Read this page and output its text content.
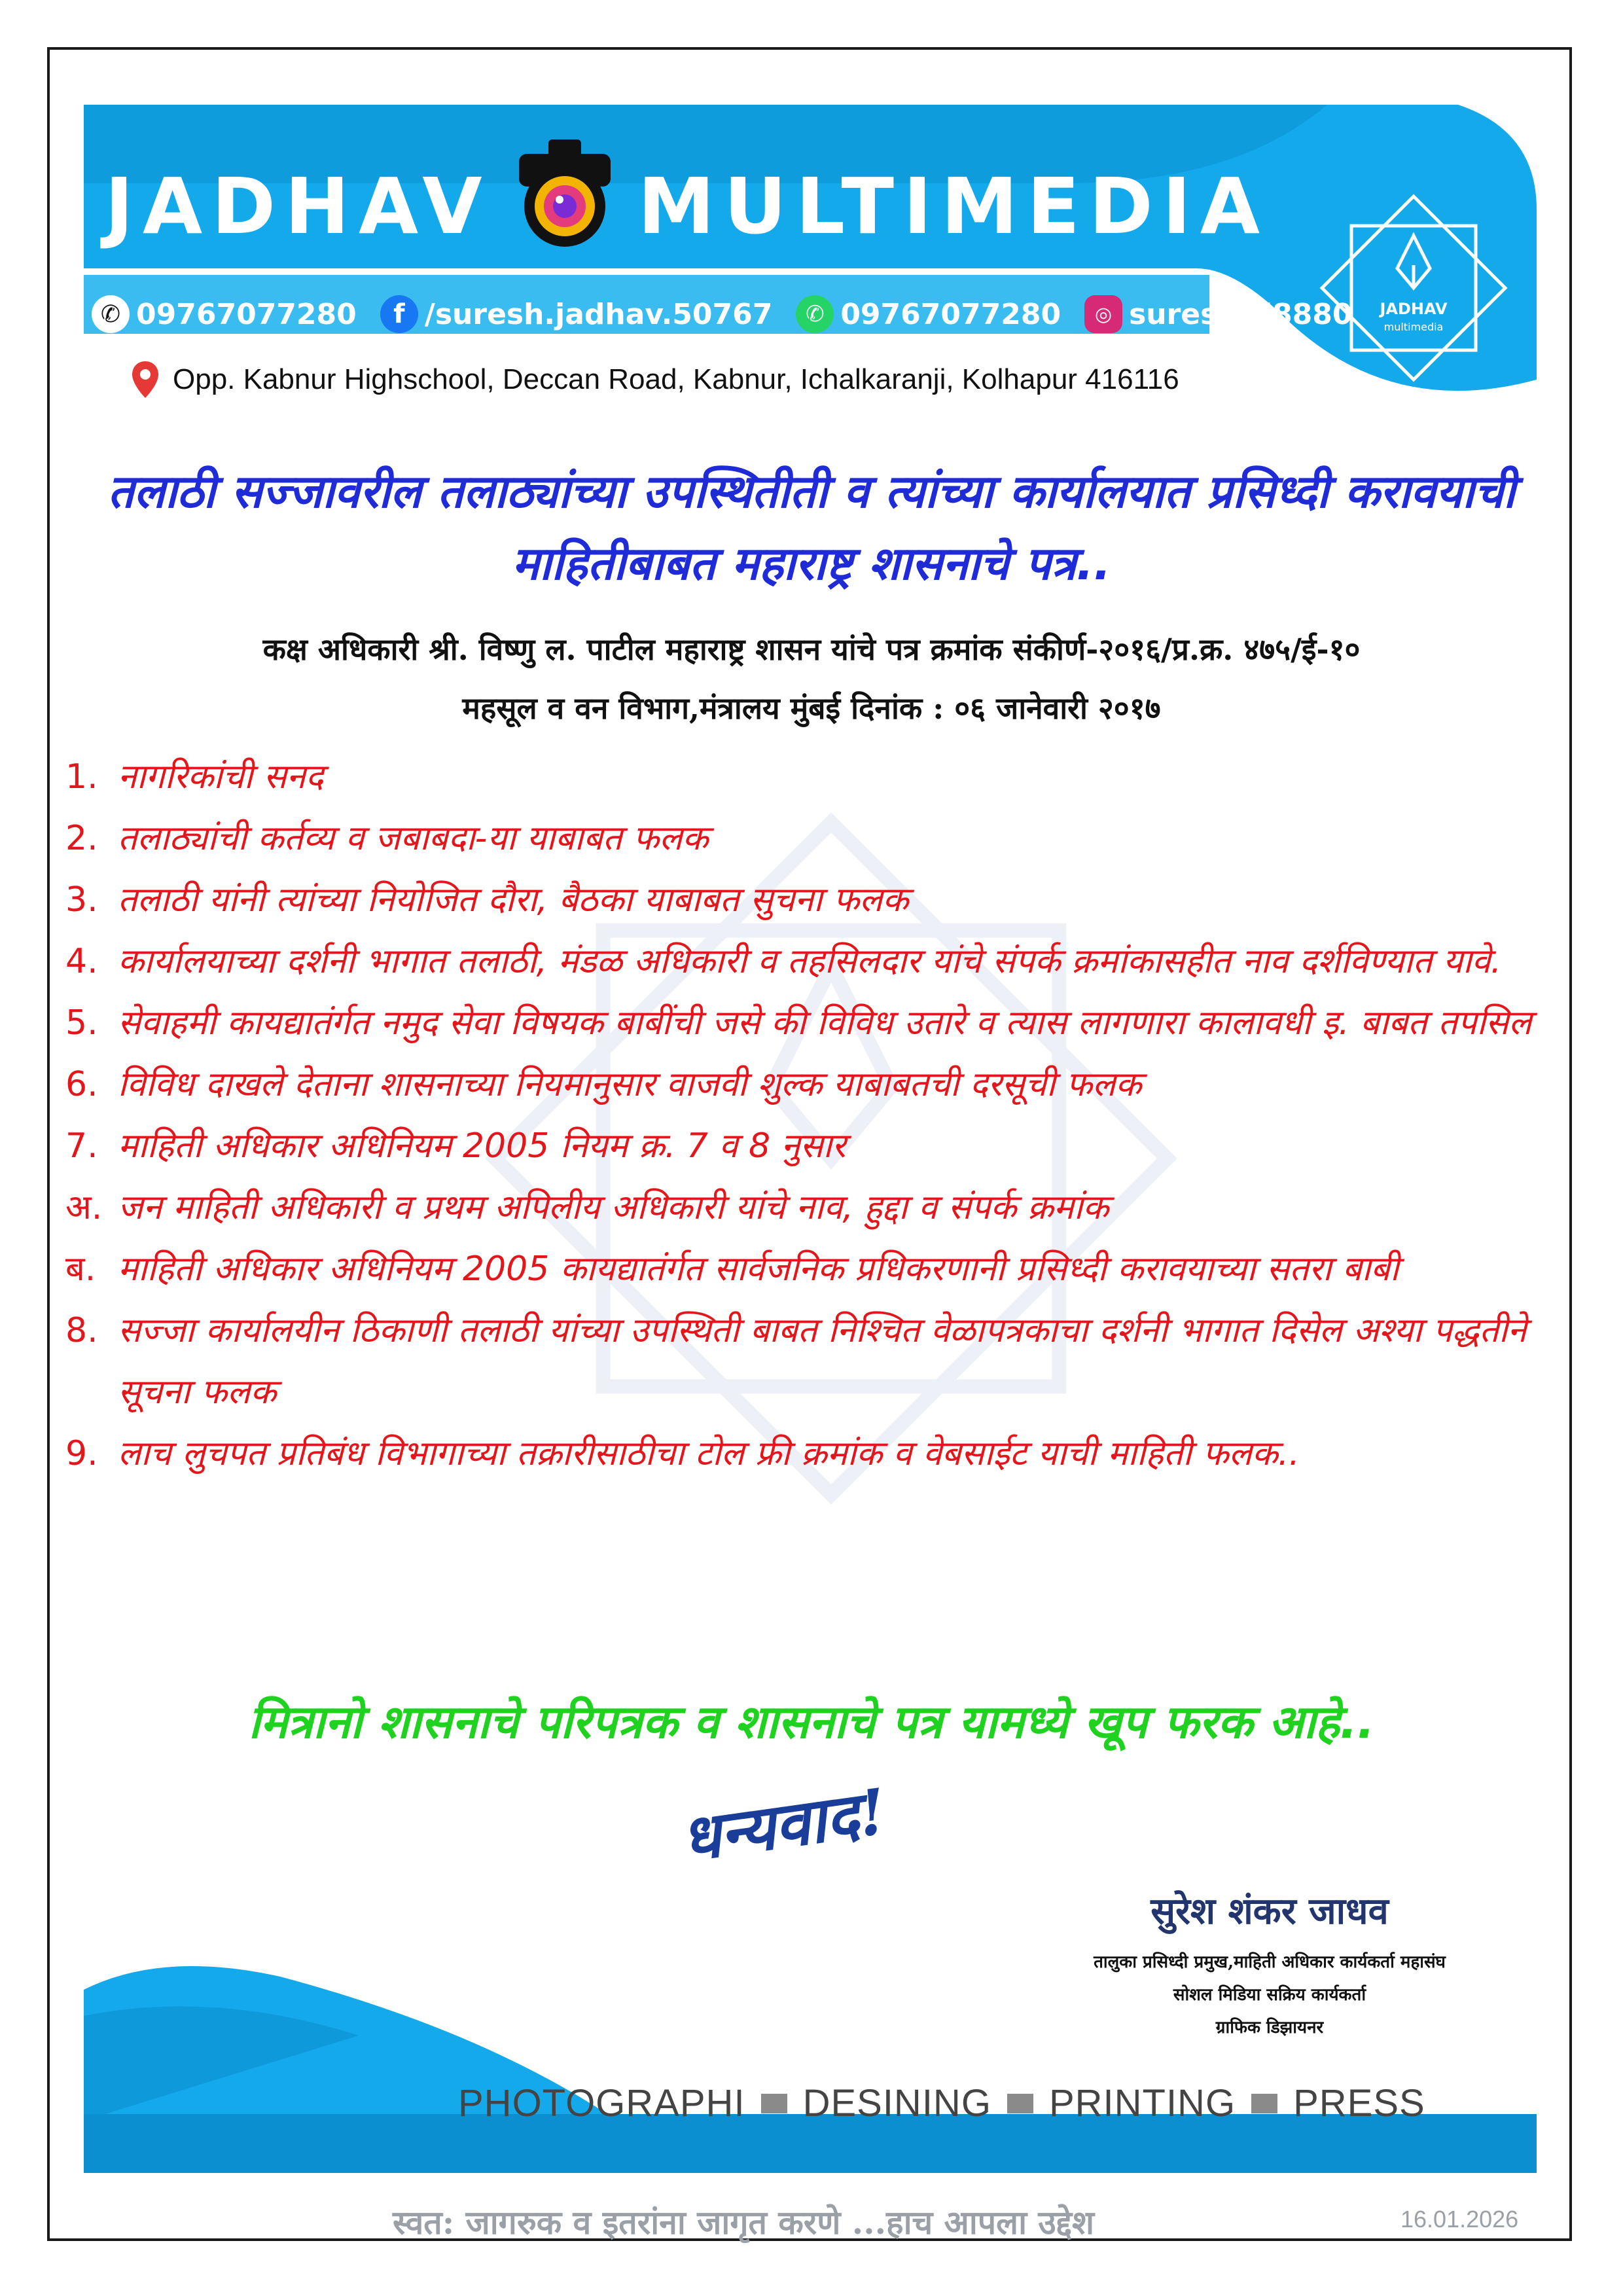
JADHAV MULTIMEDIA
✆ 09767077280	f /suresh.jadhav.50767	✆ 09767077280	◎ suresh_ j8880
Opp. Kabnur Highschool, Deccan Road, Kabnur, Ichalkaranji, Kolhapur 416116
JADHAV
multimedia
तलाठी सज्जावरील तलाठ्यांच्या उपस्थितीती व त्यांच्या कार्यालयात प्रसिध्दी करावयाची
माहितीबाबत महाराष्ट्र शासनाचे पत्र..
कक्ष अधिकारी श्री. विष्णु ल. पाटील महाराष्ट्र शासन यांचे पत्र क्रमांक संकीर्ण-२०१६/प्र.क्र. ४७५/ई-१०
महसूल व वन विभाग,मंत्रालय मुंबई दिनांक : ०६ जानेवारी २०१७
1. नागरिकांची सनद
2. तलाठ्यांची कर्तव्य व जबाबदा-या याबाबत फलक
3. तलाठी यांनी त्यांच्या नियोजित दौरा, बैठका याबाबत सुचना फलक
4. कार्यालयाच्या दर्शनी भागात तलाठी, मंडळ अधिकारी व तहसिलदार यांचे संपर्क क्रमांकासहीत नाव दर्शविण्यात यावे.
5. सेवाहमी कायद्यातंर्गत नमुद सेवा विषयक बाबींची जसे की विविध उतारे व त्यास लागणारा कालावधी इ. बाबत तपसिल
6. विविध दाखले देताना शासनाच्या नियमानुसार वाजवी शुल्क याबाबतची दरसूची फलक
7. माहिती अधिकार अधिनियम 2005 नियम क्र. 7 व 8 नुसार
अ. जन माहिती अधिकारी व प्रथम अपिलीय अधिकारी यांचे नाव, हुद्दा व संपर्क क्रमांक
ब. माहिती अधिकार अधिनियम 2005 कायद्यातंर्गत सार्वजनिक प्रधिकरणानी प्रसिध्दी करावयाच्या सतरा बाबी
8. सज्जा कार्यालयीन ठिकाणी तलाठी यांच्या उपस्थिती बाबत निश्चित वेळापत्रकाचा दर्शनी भागात दिसेल अश्या पद्धतीने सूचना फलक
9. लाच लुचपत प्रतिबंध विभागाच्या तक्रारीसाठीचा टोल फ्री क्रमांक व वेबसाईट याची माहिती फलक..
मित्रानो शासनाचे परिपत्रक व शासनाचे पत्र यामध्ये खूप फरक आहे..
धन्यवाद!
सुरेश शंकर जाधव
तालुका प्रसिध्दी प्रमुख,माहिती अधिकार कार्यकर्ता महासंघ
सोशल मिडिया सक्रिय कार्यकर्ता
ग्राफिक डिझायनर
PHOTOGRAPHI DESINING PRINTING PRESS
स्वत: जागरुक व इतरांना जागृत करणे ...हाच आपला उद्देश	16.01.2026
